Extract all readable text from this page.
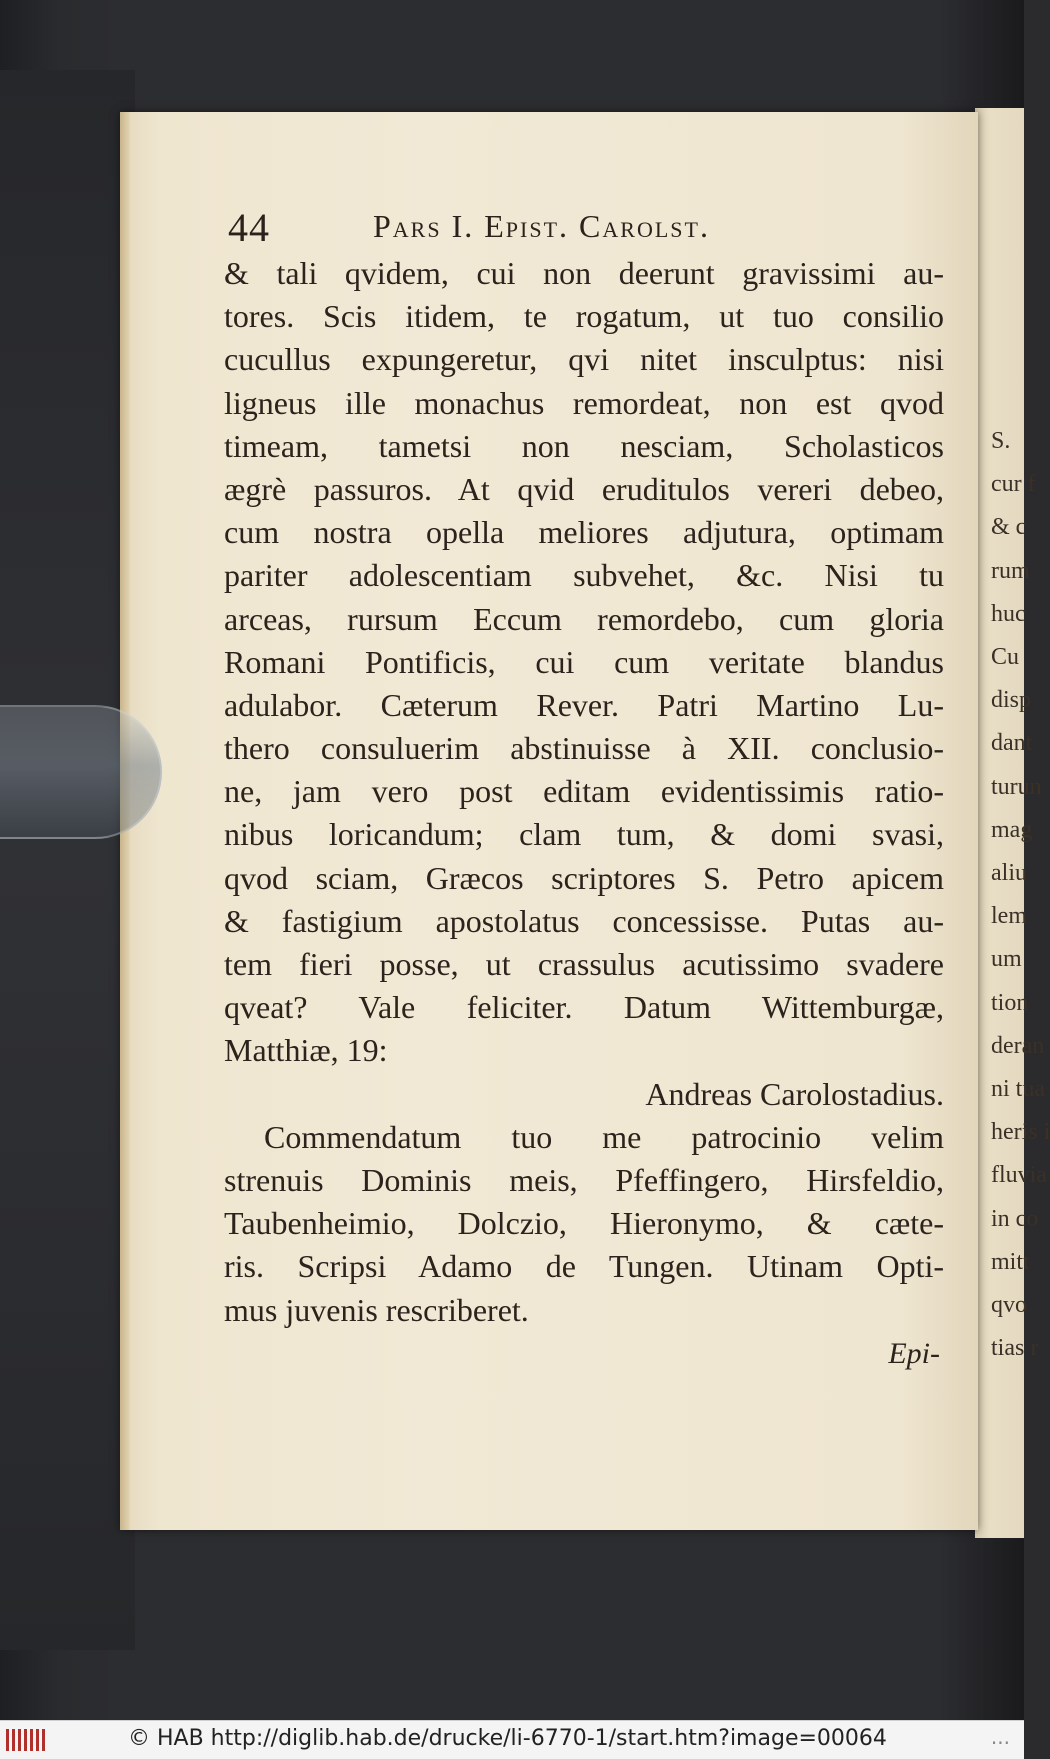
S.
cur f
& c
rum
huc
Cu
disp
dant
turun
mag
aliu
lem
um
tion
deran
ni tua
heris i
fluvia
in co
mitt
qvo
tias r
44	Pars I. Epist. Carolst.
& tali qvidem, cui non deerunt gravissimi au-
tores. Scis itidem, te rogatum, ut tuo consilio
cucullus expungeretur, qvi nitet insculptus: nisi
ligneus ille monachus remordeat, non est qvod
timeam, tametsi non nesciam, Scholasticos
ægrè passuros. At qvid eruditulos vereri debeo,
cum nostra opella meliores adjutura, optimam
pariter adolescentiam subvehet, &c. Nisi tu
arceas, rursum Eccum remordebo, cum gloria
Romani Pontificis, cui cum veritate blandus
adulabor. Cæterum Rever. Patri Martino Lu-
thero consuluerim abstinuisse à XII. conclusio-
ne, jam vero post editam evidentissimis ratio-
nibus loricandum; clam tum, & domi svasi,
qvod sciam, Græcos scriptores S. Petro apicem
& fastigium apostolatus concessisse. Putas au-
tem fieri posse, ut crassulus acutissimo svadere
qveat? Vale feliciter. Datum Wittemburgæ,
Matthiæ, 19:
Andreas Carolostadius.
Commendatum tuo me patrocinio velim
strenuis Dominis meis, Pfeffingero, Hirsfeldio,
Taubenheimio, Dolczio, Hieronymo, & cæte-
ris. Scripsi Adamo de Tungen. Utinam Opti-
mus juvenis rescriberet.
Epi-
© HAB http://diglib.hab.de/drucke/li-6770-1/start.htm?image=00064	...
